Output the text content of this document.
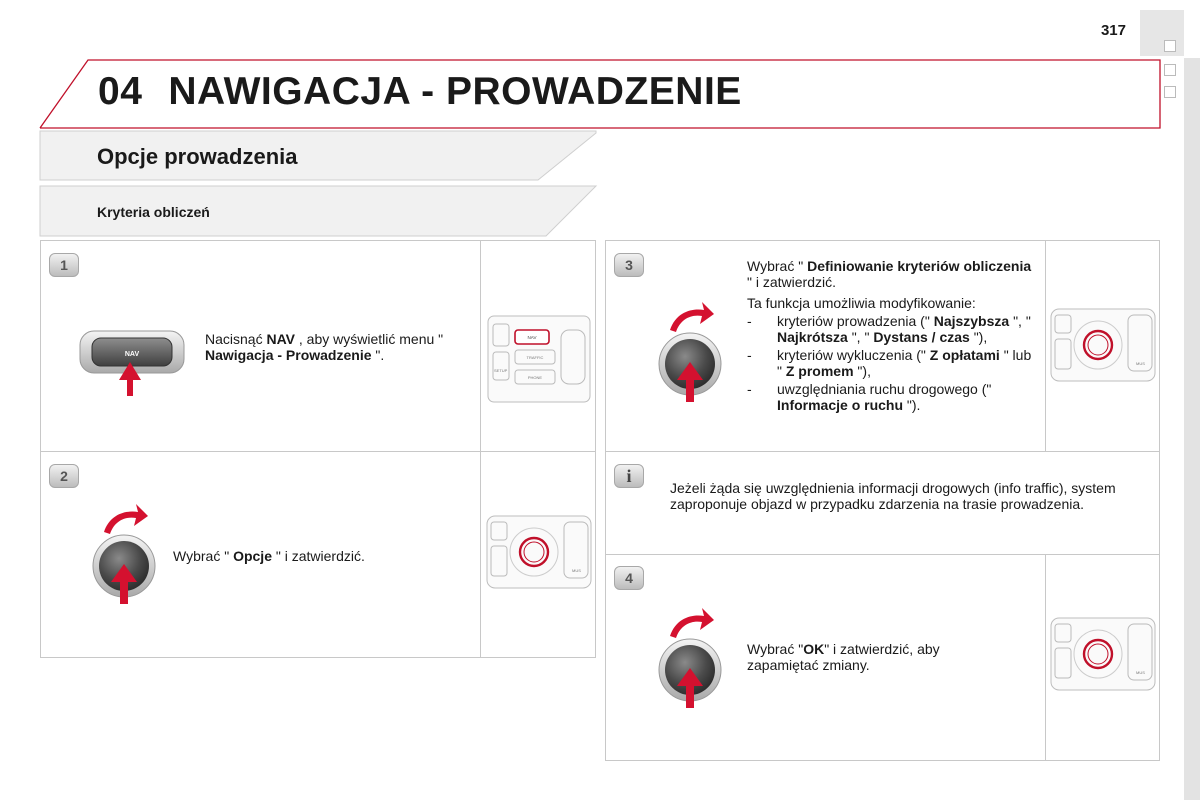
317
04 NAWIGACJA - PROWADZENIE
Opcje prowadzenia
Kryteria obliczeń
1
NAV
Nacisnąć NAV , aby wyświetlić menu " Nawigacja - Prowadzenie ".
SETUP
NAV
TRAFFIC
PHONE
2
Wybrać " Opcje " i zatwierdzić.
MUS
3	Wybrać " Definiowanie kryteriów obliczenia " i zatwierdzić.
Ta funkcja umożliwia modyfikowanie:
- kryteriów prowadzenia (" Najszybsza ", " Najkrótsza ", " Dystans / czas "),
- kryteriów wykluczenia (" Z opłatami " lub " Z promem "),
- uwzględniania ruchu drogowego (" Informacje o ruchu ").
MUS
i
Jeżeli żąda się uwzględnienia informacji drogowych (info traffic), system zaproponuje objazd w przypadku zdarzenia na trasie prowadzenia.
4
Wybrać "OK" i zatwierdzić, aby zapamiętać zmiany.	MUS
